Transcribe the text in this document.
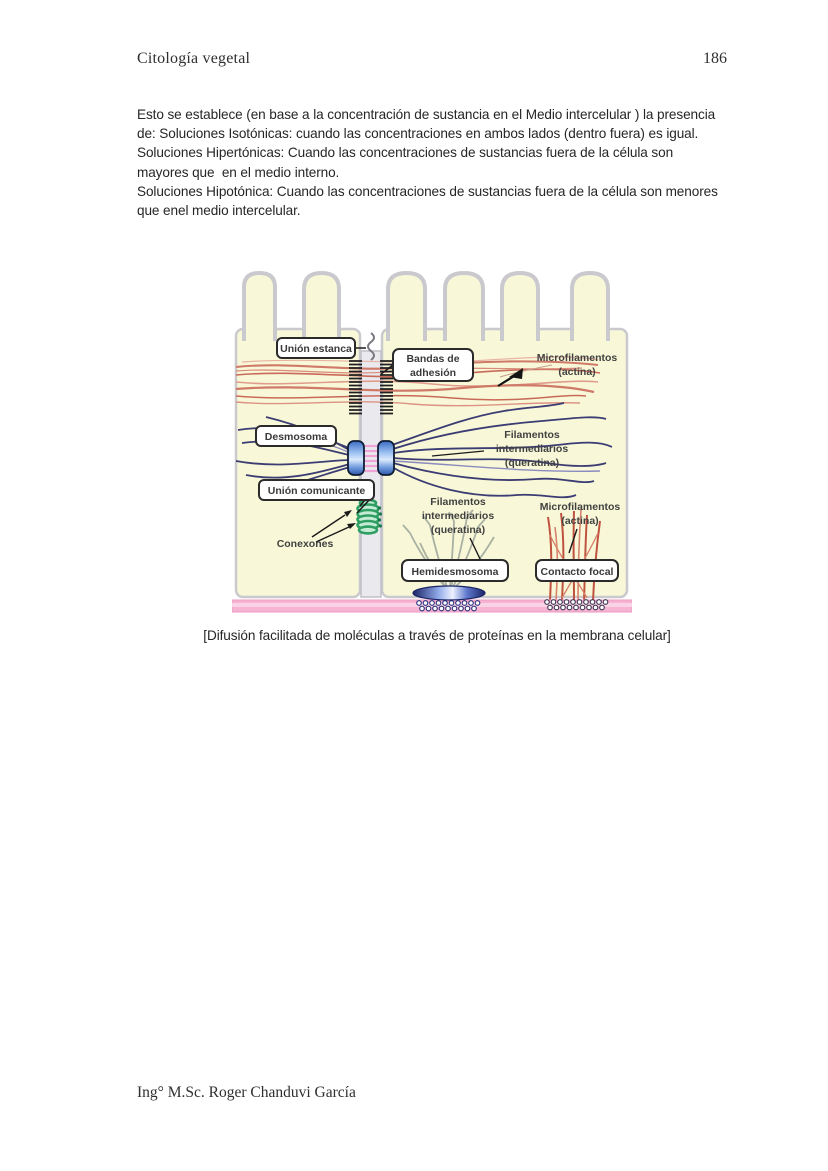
Citología vegetal	186
Esto se establece (en base a la concentración de sustancia en el Medio intercelular ) la presencia
de: Soluciones Isotónicas: cuando las concentraciones en ambos lados (dentro fuera) es igual.
Soluciones Hipertónicas: Cuando las concentraciones de sustancias fuera de la célula son
mayores que  en el medio interno.
Soluciones Hipotónica: Cuando las concentraciones de sustancias fuera de la célula son menores
que enel medio intercelular.
Unión estanca
Bandas de
adhesión
Desmosoma
Unión comunicante
Hemidesmosoma	Contacto focal
Microfilamentos
(actina)
Filamentos
intermediarios
(queratina)
Filamentos
intermediarios
(queratina)
Microfilamentos
(actina)
Conexones
[Difusión facilitada de moléculas a través de proteínas en la membrana celular]
Ing° M.Sc. Roger Chanduvi García
